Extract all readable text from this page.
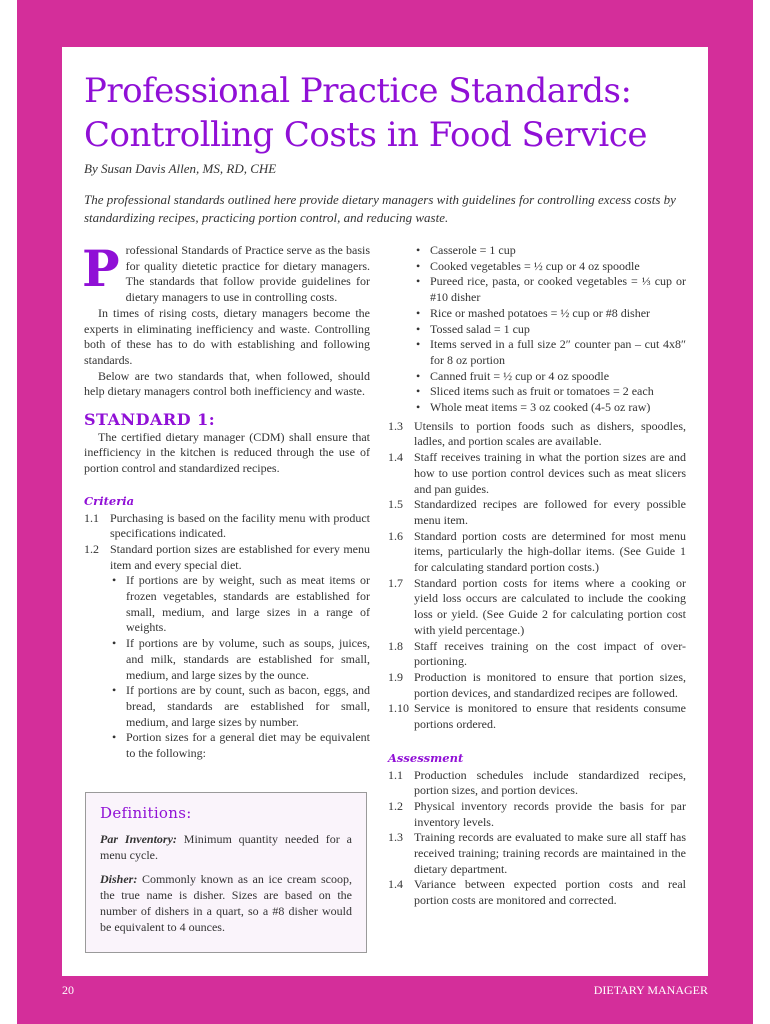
Professional Practice Standards:
Controlling Costs in Food Service
By Susan Davis Allen, MS, RD, CHE
The professional standards outlined here provide dietary managers with guidelines for controlling excess costs by standardizing recipes, practicing portion control, and reducing waste.
Professional Standards of Practice serve as the basis for quality dietetic practice for dietary managers. The standards that follow provide guidelines for dietary managers to use in controlling costs.

In times of rising costs, dietary managers become the experts in eliminating inefficiency and waste. Controlling both of these has to do with establishing and following standards.

Below are two standards that, when followed, should help dietary managers control both inefficiency and waste.

STANDARD 1:

The certified dietary manager (CDM) shall ensure that inefficiency in the kitchen is reduced through the use of portion control and standardized recipes.

Criteria
1.1 Purchasing is based on the facility menu with product specifications indicated.
1.2 Standard portion sizes are established for every menu item and every special diet.
• If portions are by weight, such as meat items or frozen vegetables, standards are established for small, medium, and large sizes in a range of weights.
• If portions are by volume, such as soups, juices, and milk, standards are established for small, medium, and large sizes by the ounce.
• If portions are by count, such as bacon, eggs, and bread, standards are established for small, medium, and large sizes by number.
• Portion sizes for a general diet may be equivalent to the following:
Definitions:

Par Inventory: Minimum quantity needed for a menu cycle.

Disher: Commonly known as an ice cream scoop, the true name is disher. Sizes are based on the number of dishers in a quart, so a #8 disher would be equivalent to 4 ounces.

• Casserole = 1 cup
• Cooked vegetables = ½ cup or 4 oz spoodle
• Pureed rice, pasta, or cooked vegetables = ⅓ cup or #10 disher
• Rice or mashed potatoes = ½ cup or #8 disher
• Tossed salad = 1 cup
• Items served in a full size 2″ counter pan – cut 4x8″ for 8 oz portion
• Canned fruit = ½ cup or 4 oz spoodle
• Sliced items such as fruit or tomatoes = 2 each
• Whole meat items = 3 oz cooked (4-5 oz raw)
1.3 Utensils to portion foods such as dishers, spoodles, ladles, and portion scales are available.
1.4 Staff receives training in what the portion sizes are and how to use portion control devices such as meat slicers and pan guides.
1.5 Standardized recipes are followed for every possible menu item.
1.6 Standard portion costs are determined for most menu items, particularly the high-dollar items. (See Guide 1 for calculating standard portion costs.)
1.7 Standard portion costs for items where a cooking or yield loss occurs are calculated to include the cooking loss or yield. (See Guide 2 for calculating portion cost with yield percentage.)
1.8 Staff receives training on the cost impact of over-portioning.
1.9 Production is monitored to ensure that portion sizes, portion devices, and standardized recipes are followed.
1.10 Service is monitored to ensure that residents consume portions ordered.
Assessment
1.1 Production schedules include standardized recipes, portion sizes, and portion devices.
1.2 Physical inventory records provide the basis for par inventory levels.
1.3 Training records are evaluated to make sure all staff has received training; training records are maintained in the dietary department.
1.4 Variance between expected portion costs and real portion costs are monitored and corrected.
20	DIETARY MANAGER
